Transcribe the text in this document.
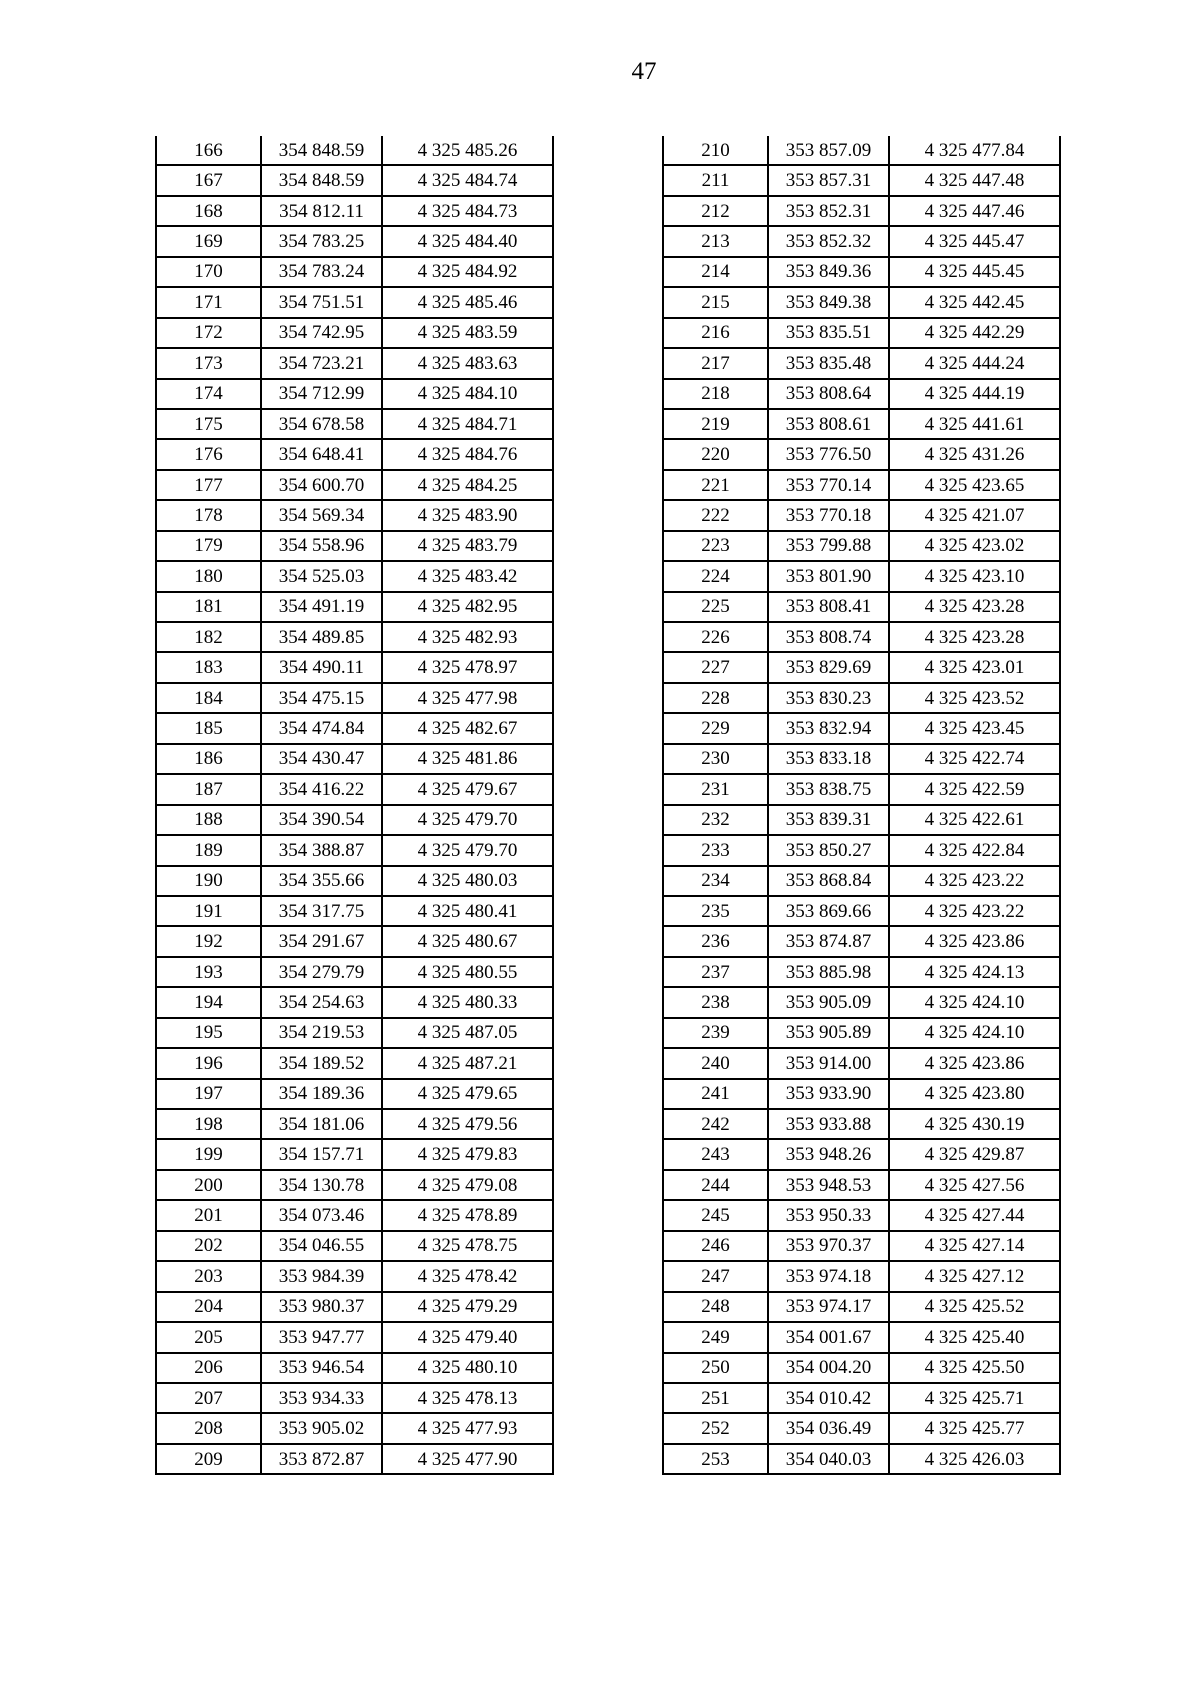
47
166	354 848.59	4 325 485.26
167	354 848.59	4 325 484.74
168	354 812.11	4 325 484.73
169	354 783.25	4 325 484.40
170	354 783.24	4 325 484.92
171	354 751.51	4 325 485.46
172	354 742.95	4 325 483.59
173	354 723.21	4 325 483.63
174	354 712.99	4 325 484.10
175	354 678.58	4 325 484.71
176	354 648.41	4 325 484.76
177	354 600.70	4 325 484.25
178	354 569.34	4 325 483.90
179	354 558.96	4 325 483.79
180	354 525.03	4 325 483.42
181	354 491.19	4 325 482.95
182	354 489.85	4 325 482.93
183	354 490.11	4 325 478.97
184	354 475.15	4 325 477.98
185	354 474.84	4 325 482.67
186	354 430.47	4 325 481.86
187	354 416.22	4 325 479.67
188	354 390.54	4 325 479.70
189	354 388.87	4 325 479.70
190	354 355.66	4 325 480.03
191	354 317.75	4 325 480.41
192	354 291.67	4 325 480.67
193	354 279.79	4 325 480.55
194	354 254.63	4 325 480.33
195	354 219.53	4 325 487.05
196	354 189.52	4 325 487.21
197	354 189.36	4 325 479.65
198	354 181.06	4 325 479.56
199	354 157.71	4 325 479.83
200	354 130.78	4 325 479.08
201	354 073.46	4 325 478.89
202	354 046.55	4 325 478.75
203	353 984.39	4 325 478.42
204	353 980.37	4 325 479.29
205	353 947.77	4 325 479.40
206	353 946.54	4 325 480.10
207	353 934.33	4 325 478.13
208	353 905.02	4 325 477.93
209	353 872.87	4 325 477.90
210	353 857.09	4 325 477.84
211	353 857.31	4 325 447.48
212	353 852.31	4 325 447.46
213	353 852.32	4 325 445.47
214	353 849.36	4 325 445.45
215	353 849.38	4 325 442.45
216	353 835.51	4 325 442.29
217	353 835.48	4 325 444.24
218	353 808.64	4 325 444.19
219	353 808.61	4 325 441.61
220	353 776.50	4 325 431.26
221	353 770.14	4 325 423.65
222	353 770.18	4 325 421.07
223	353 799.88	4 325 423.02
224	353 801.90	4 325 423.10
225	353 808.41	4 325 423.28
226	353 808.74	4 325 423.28
227	353 829.69	4 325 423.01
228	353 830.23	4 325 423.52
229	353 832.94	4 325 423.45
230	353 833.18	4 325 422.74
231	353 838.75	4 325 422.59
232	353 839.31	4 325 422.61
233	353 850.27	4 325 422.84
234	353 868.84	4 325 423.22
235	353 869.66	4 325 423.22
236	353 874.87	4 325 423.86
237	353 885.98	4 325 424.13
238	353 905.09	4 325 424.10
239	353 905.89	4 325 424.10
240	353 914.00	4 325 423.86
241	353 933.90	4 325 423.80
242	353 933.88	4 325 430.19
243	353 948.26	4 325 429.87
244	353 948.53	4 325 427.56
245	353 950.33	4 325 427.44
246	353 970.37	4 325 427.14
247	353 974.18	4 325 427.12
248	353 974.17	4 325 425.52
249	354 001.67	4 325 425.40
250	354 004.20	4 325 425.50
251	354 010.42	4 325 425.71
252	354 036.49	4 325 425.77
253	354 040.03	4 325 426.03
